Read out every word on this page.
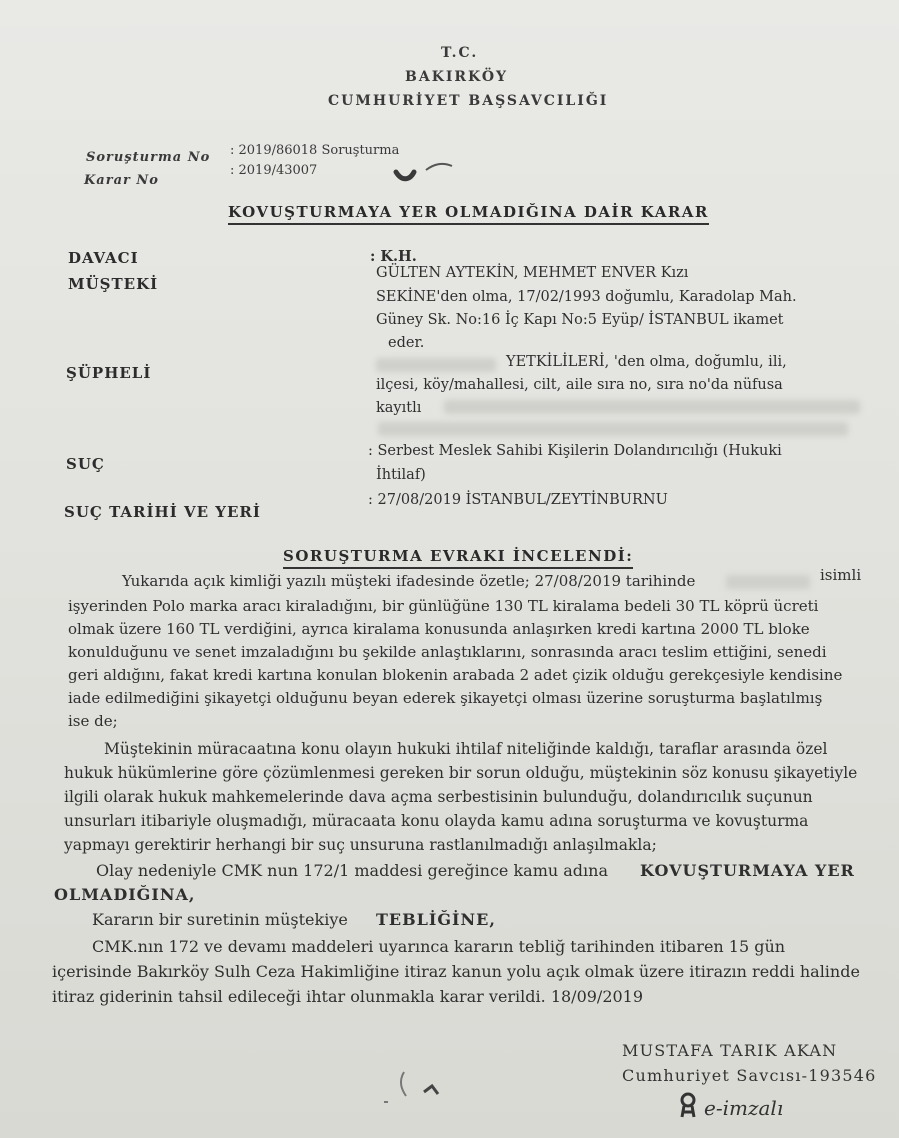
T.C.
BAKIRKÖY
CUMHURİYET BAŞSAVCILIĞI
Soruşturma No : 2019/86018 Soruşturma
Karar No
: 2019/43007
KOVUŞTURMAYA YER OLMADIĞINA DAİR KARAR
DAVACI	: K.H.
MÜŞTEKİ
GÜLTEN AYTEKİN, MEHMET ENVER Kızı
SEKİNE'den olma, 17/02/1993 doğumlu, Karadolap Mah.
Güney Sk. No:16 İç Kapı No:5 Eyüp/ İSTANBUL ikamet
eder.
ŞÜPHELİ
YETKİLİLERİ, 'den olma, doğumlu, ili,
ilçesi, köy/mahallesi, cilt, aile sıra no, sıra no'da nüfusa
kayıtlı
SUÇ
: Serbest Meslek Sahibi Kişilerin Dolandırıcılığı (Hukuki
İhtilaf)
SUÇ TARİHİ VE YERİ
: 27/08/2019 İSTANBUL/ZEYTİNBURNU
SORUŞTURMA EVRAKI İNCELENDİ:
Yukarıda açık kimliği yazılı müşteki ifadesinde özetle; 27/08/2019 tarihinde	isimli
işyerinden Polo marka aracı kiraladığını, bir günlüğüne 130 TL kiralama bedeli 30 TL köprü ücreti
olmak üzere 160 TL verdiğini, ayrıca kiralama konusunda anlaşırken kredi kartına 2000 TL bloke
konulduğunu ve senet imzaladığını bu şekilde anlaştıklarını, sonrasında aracı teslim ettiğini, senedi
geri aldığını, fakat kredi kartına konulan blokenin arabada 2 adet çizik olduğu gerekçesiyle kendisine
iade edilmediğini şikayetçi olduğunu beyan ederek şikayetçi olması üzerine soruşturma başlatılmış
ise de;
Müştekinin müracaatına konu olayın hukuki ihtilaf niteliğinde kaldığı, taraflar arasında özel
hukuk hükümlerine göre çözümlenmesi gereken bir sorun olduğu, müştekinin söz konusu şikayetiyle
ilgili olarak hukuk mahkemelerinde dava açma serbestisinin bulunduğu, dolandırıcılık suçunun
unsurları itibariyle oluşmadığı, müracaata konu olayda kamu adına soruşturma ve kovuşturma
yapmayı gerektirir herhangi bir suç unsuruna rastlanılmadığı anlaşılmakla;
Olay nedeniyle CMK nun 172/1 maddesi gereğince kamu adına KOVUŞTURMAYA YER
OLMADIĞINA,
Kararın bir suretinin müştekiye TEBLİĞİNE,
CMK.nın 172 ve devamı maddeleri uyarınca kararın tebliğ tarihinden itibaren 15 gün
içerisinde Bakırköy Sulh Ceza Hakimliğine itiraz kanun yolu açık olmak üzere itirazın reddi halinde
itiraz giderinin tahsil edileceği ihtar olunmakla karar verildi. 18/09/2019
MUSTAFA TARIK AKAN
Cumhuriyet Savcısı-193546
e-imzalı
